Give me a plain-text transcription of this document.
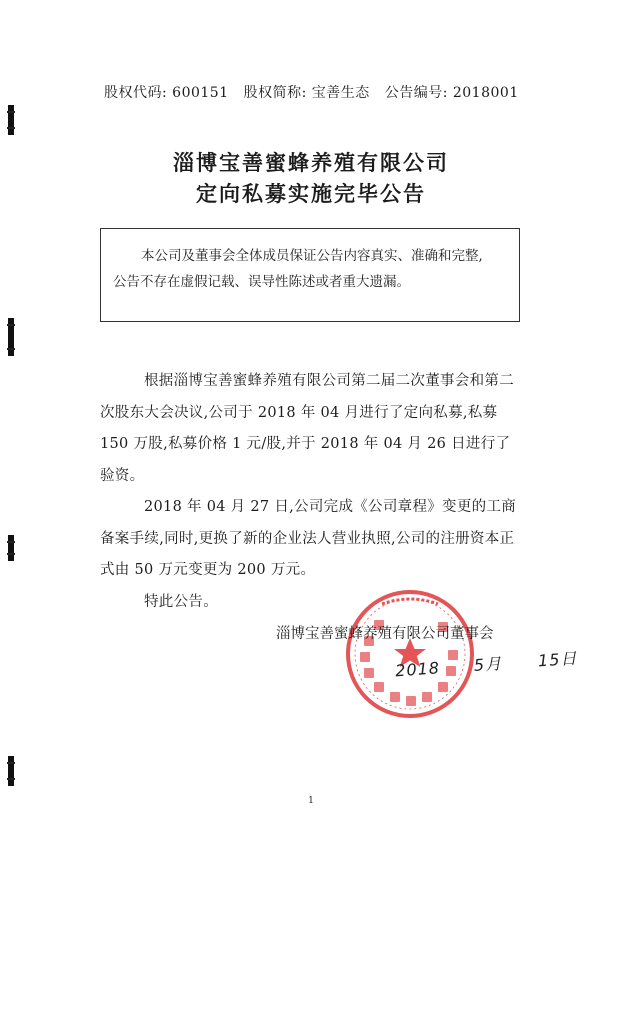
股权代码: 600151 股权简称: 宝善生态 公告编号: 2018001
淄博宝善蜜蜂养殖有限公司
定向私募实施完毕公告
本公司及董事会全体成员保证公告内容真实、准确和完整,
公告不存在虚假记载、误导性陈述或者重大遗漏。

根据淄博宝善蜜蜂养殖有限公司第二届二次董事会和第二次股东大会决议,公司于 2018 年 04 月进行了定向私募,私募 150 万股,私募价格 1 元/股,并于 2018 年 04 月 26 日进行了验资。

2018 年 04 月 27 日,公司完成《公司章程》变更的工商备案手续,同时,更换了新的企业法人营业执照,公司的注册资本正式由 50 万元变更为 200 万元。

特此公告。

淄博宝善蜜蜂养殖有限公司董事会
2018 5月 15日
1
